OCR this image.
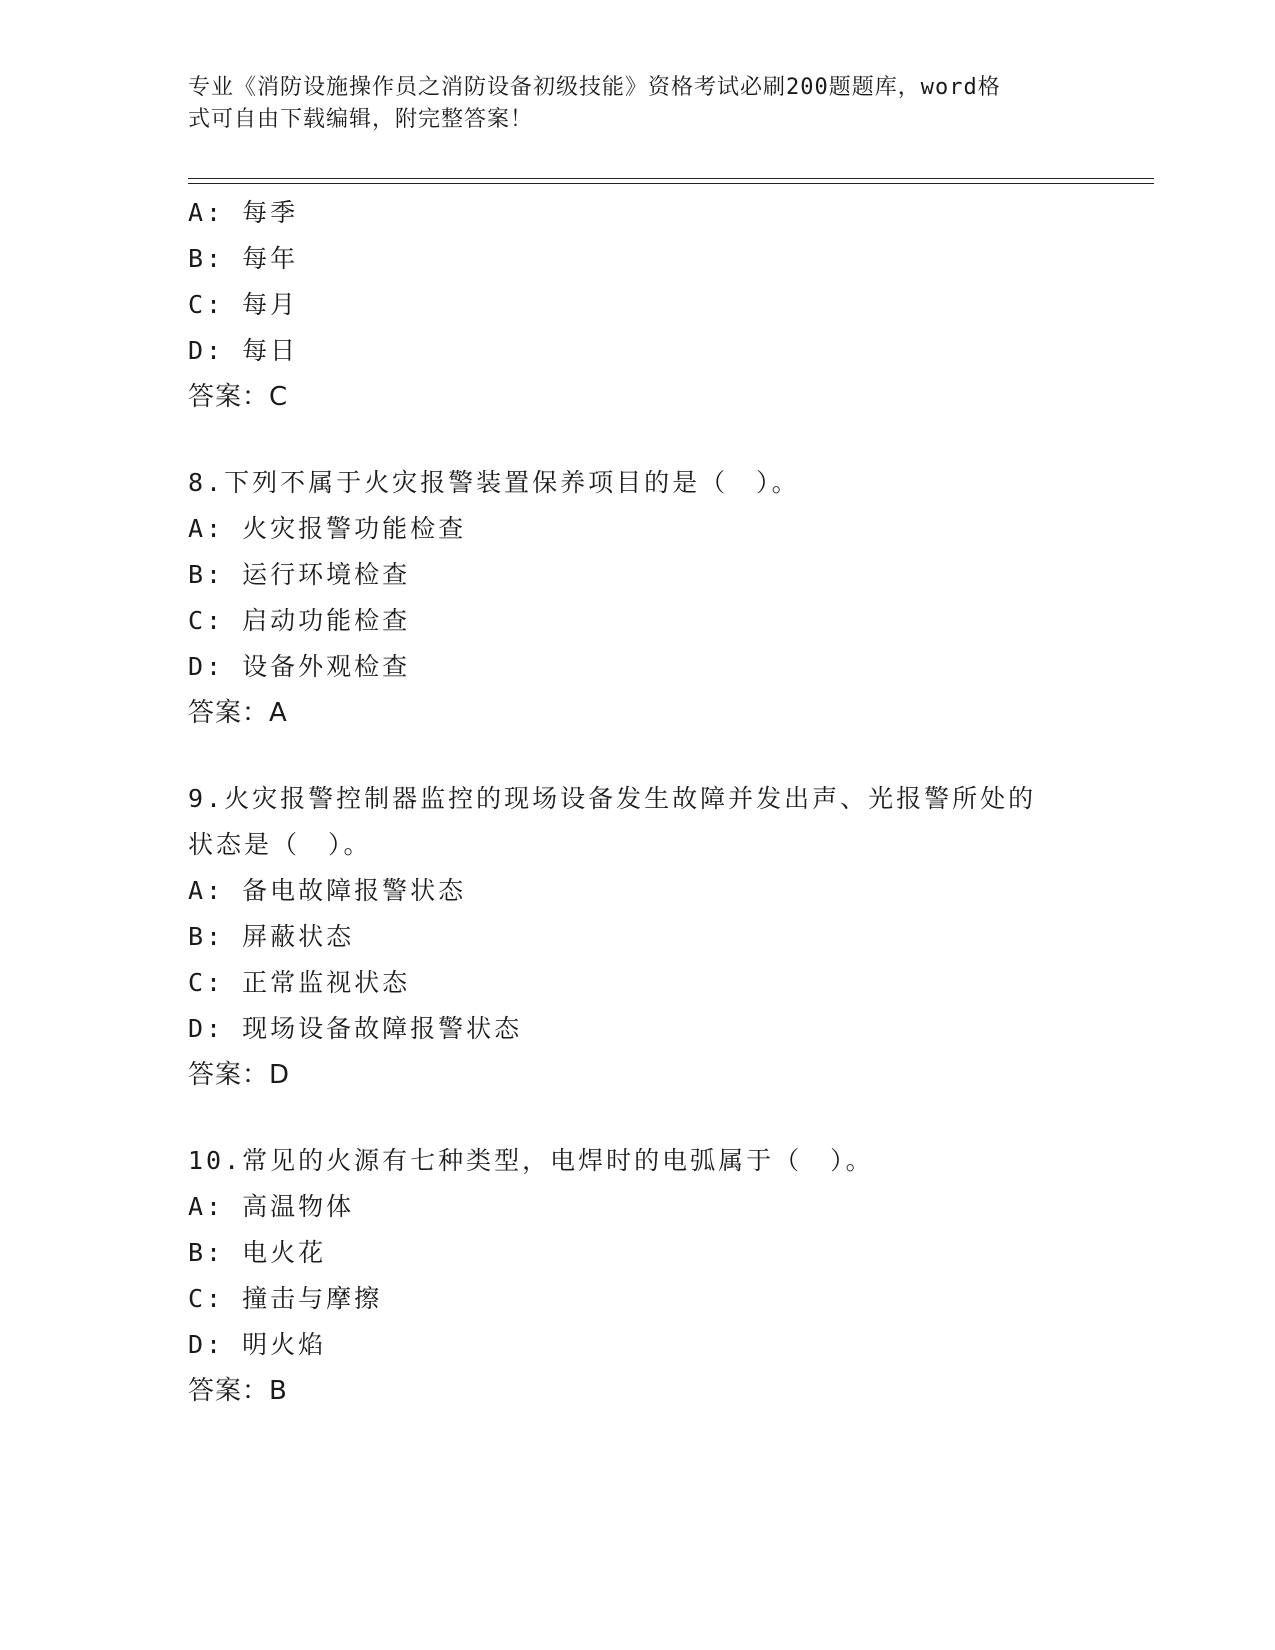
专业《消防设施操作员之消防设备初级技能》资格考试必刷200题题库，word格
式可自由下载编辑，附完整答案！
A: 每季
B: 每年
C: 每月
D: 每日
答案：C
8.下列不属于火灾报警装置保养项目的是（　）。
A: 火灾报警功能检查
B: 运行环境检查
C: 启动功能检查
D: 设备外观检查
答案：A
9.火灾报警控制器监控的现场设备发生故障并发出声、光报警所处的
状态是（　）。
A: 备电故障报警状态
B: 屏蔽状态
C: 正常监视状态
D: 现场设备故障报警状态
答案：D
10.常见的火源有七种类型，电焊时的电弧属于（　）。
A: 高温物体
B: 电火花
C: 撞击与摩擦
D: 明火焰
答案：B
